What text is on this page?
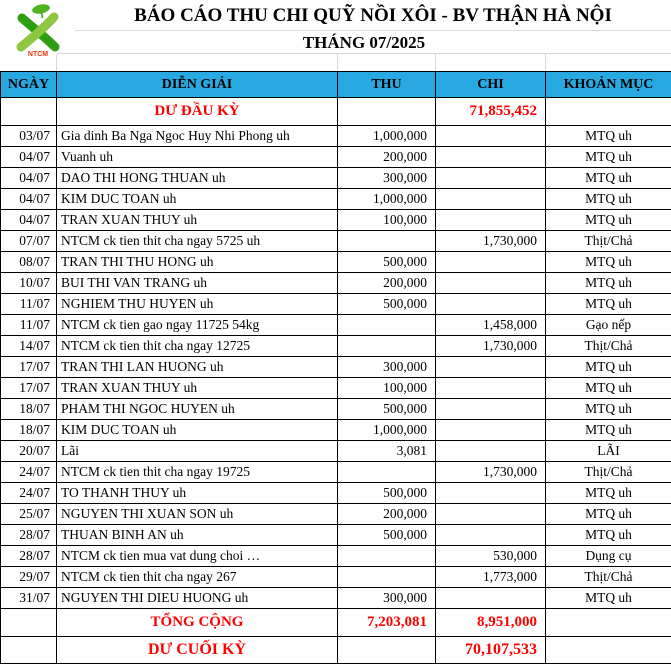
NTCM
BÁO CÁO THU CHI QUỸ NỒI XÔI - BV THẬN HÀ NỘI
THÁNG 07/2025
NGÀY	DIỄN GIẢI	THU	CHI	KHOẢN MỤC
	DƯ ĐẦU KỲ		71,855,452	
03/07	Gia dinh Ba Nga Ngoc Huy Nhi Phong uh	1,000,000		MTQ uh
04/07	Vuanh uh	200,000		MTQ uh
04/07	DAO THI HONG THUAN uh	300,000		MTQ uh
04/07	KIM DUC TOAN uh	1,000,000		MTQ uh
04/07	TRAN XUAN THUY uh	100,000		MTQ uh
07/07	NTCM ck tien thit cha ngay 5725 uh		1,730,000	Thịt/Chả
08/07	TRAN THI THU HONG uh	500,000		MTQ uh
10/07	BUI THI VAN TRANG uh	200,000		MTQ uh
11/07	NGHIEM THU HUYEN uh	500,000		MTQ uh
11/07	NTCM ck tien gao ngay 11725 54kg		1,458,000	Gạo nếp
14/07	NTCM ck tien thit cha ngay 12725		1,730,000	Thịt/Chả
17/07	TRAN THI LAN HUONG uh	300,000		MTQ uh
17/07	TRAN XUAN THUY uh	100,000		MTQ uh
18/07	PHAM THI NGOC HUYEN uh	500,000		MTQ uh
18/07	KIM DUC TOAN uh	1,000,000		MTQ uh
20/07	Lãi	3,081		LÃI
24/07	NTCM ck tien thit cha ngay 19725		1,730,000	Thịt/Chả
24/07	TO THANH THUY uh	500,000		MTQ uh
25/07	NGUYEN THI XUAN SON uh	200,000		MTQ uh
28/07	THUAN BINH AN uh	500,000		MTQ uh
28/07	NTCM ck tien mua vat dung choi …		530,000	Dụng cụ
29/07	NTCM ck tien thit cha ngay 267		1,773,000	Thịt/Chả
31/07	NGUYEN THI DIEU HUONG uh	300,000		MTQ uh
	TỔNG CỘNG	7,203,081	8,951,000	
	DƯ CUỐI KỲ		70,107,533	
